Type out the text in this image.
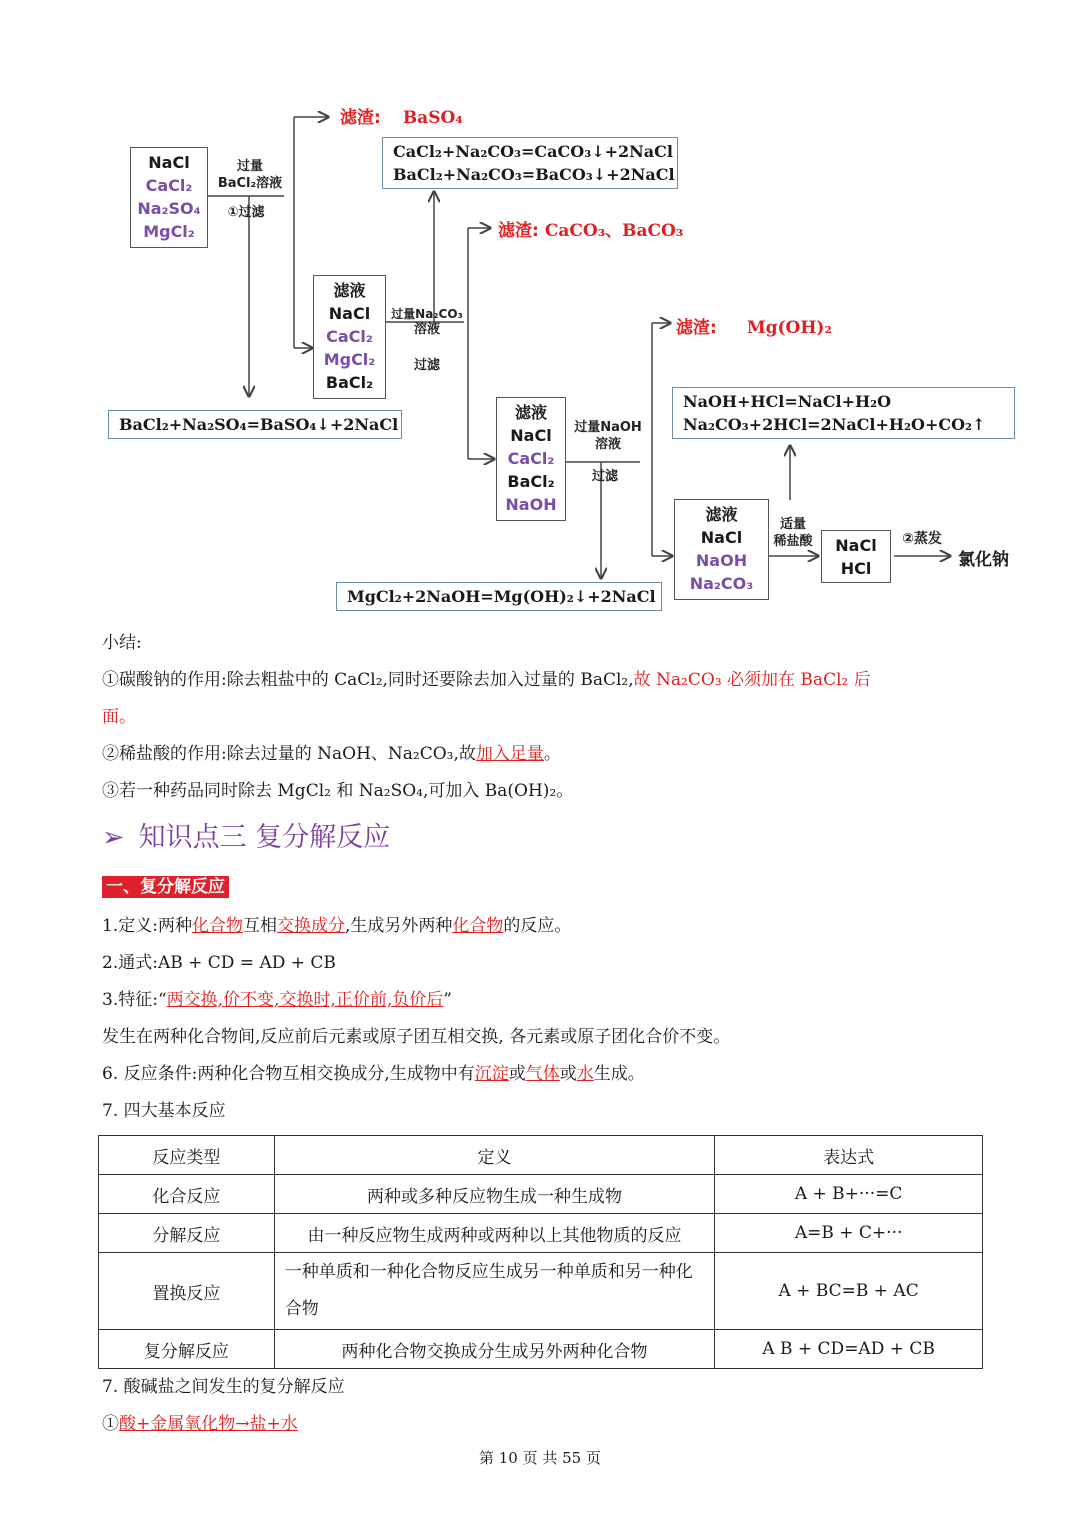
NaCl
CaCl₂
Na₂SO₄
MgCl₂
过量
BaCl₂溶液
①过滤
滤渣: BaSO₄
BaCl₂+Na₂SO₄=BaSO₄↓+2NaCl
滤液
NaCl
CaCl₂
MgCl₂
BaCl₂
过量Na₂CO₃
溶液
过滤
CaCl₂+Na₂CO₃=CaCO₃↓+2NaCl
BaCl₂+Na₂CO₃=BaCO₃↓+2NaCl
滤渣: CaCO₃、BaCO₃
滤液
NaCl
CaCl₂
BaCl₂
NaOH
过量NaOH
溶液
过滤
滤渣: Mg(OH)₂
MgCl₂+2NaOH=Mg(OH)₂↓+2NaCl
滤液
NaCl
NaOH
Na₂CO₃
适量
稀盐酸
NaOH+HCl=NaCl+H₂O
Na₂CO₃+2HCl=2NaCl+H₂O+CO₂↑
NaCl
HCl
②蒸发
氯化钠
小结:
①碳酸钠的作用:除去粗盐中的 CaCl₂,同时还要除去加入过量的 BaCl₂,故 Na₂CO₃ 必须加在 BaCl₂ 后
面。
②稀盐酸的作用:除去过量的 NaOH、Na₂CO₃,故加入足量。
③若一种药品同时除去 MgCl₂ 和 Na₂SO₄,可加入 Ba(OH)₂。
➢ 知识点三 复分解反应
一、复分解反应
1.定义:两种化合物互相交换成分,生成另外两种化合物的反应。
2.通式:AB + CD = AD + CB
3.特征:“两交换,价不变,交换时,正价前,负价后”
发生在两种化合物间,反应前后元素或原子团互相交换, 各元素或原子团化合价不变。
6. 反应条件:两种化合物互相交换成分,生成物中有沉淀或气体或水生成。
7. 四大基本反应
反应类型	定义	表达式
化合反应	两种或多种反应物生成一种生成物	A + B+···=C
分解反应	由一种反应物生成两种或两种以上其他物质的反应	A=B + C+···
置换反应	一种单质和一种化合物反应生成另一种单质和另一种化合物	A + BC=B + AC
复分解反应	两种化合物交换成分生成另外两种化合物	A B + CD=AD + CB
7. 酸碱盐之间发生的复分解反应
①酸+金属氧化物→盐+水
第 10 页 共 55 页
